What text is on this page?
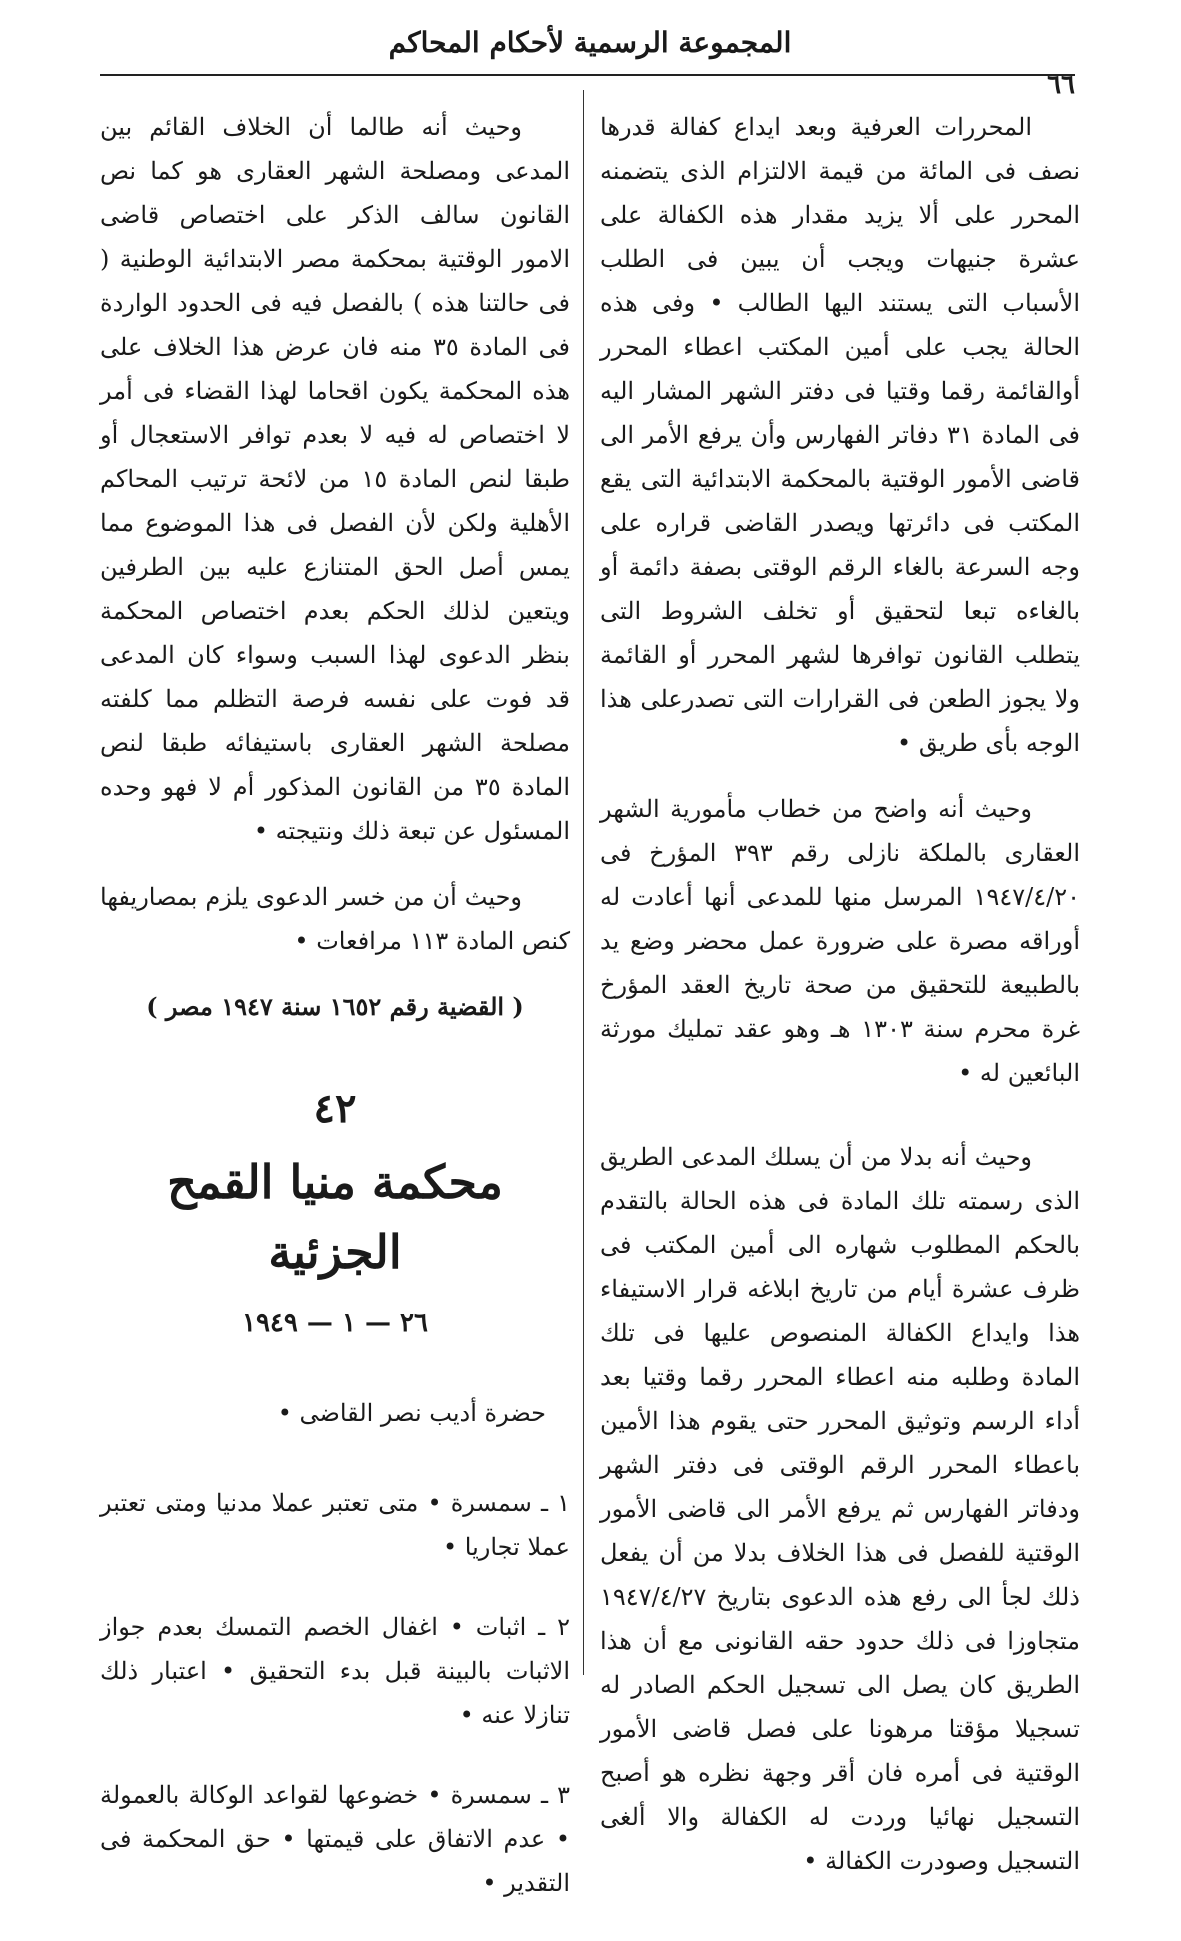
المجموعة الرسمية لأحكام المحاكم
٦٦

المحررات العرفية وبعد ايداع كفالة قدرها نصف فى المائة من قيمة الالتزام الذى يتضمنه المحرر على ألا يزيد مقدار هذه الكفالة على عشرة جنيهات ويجب أن يبين فى الطلب الأسباب التى يستند اليها الطالب • وفى هذه الحالة يجب على أمين المكتب اعطاء المحرر أوالقائمة رقما وقتيا فى دفتر الشهر المشار اليه فى المادة ٣١ دفاتر الفهارس وأن يرفع الأمر الى قاضى الأمور الوقتية بالمحكمة الابتدائية التى يقع المكتب فى دائرتها ويصدر القاضى قراره على وجه السرعة بالغاء الرقم الوقتى بصفة دائمة أو بالغاءه تبعا لتحقيق أو تخلف الشروط التى يتطلب القانون توافرها لشهر المحرر أو القائمة ولا يجوز الطعن فى القرارات التى تصدرعلى هذا الوجه بأى طريق •

وحيث أنه واضح من خطاب مأمورية الشهر العقارى بالملكة نازلى رقم ٣٩٣ المؤرخ فى ١٩٤٧/٤/٢٠ المرسل منها للمدعى أنها أعادت له أوراقه مصرة على ضرورة عمل محضر وضع يد بالطبيعة للتحقيق من صحة تاريخ العقد المؤرخ غرة محرم سنة ١٣٠٣ هـ وهو عقد تمليك مورثة البائعين له •

وحيث أنه بدلا من أن يسلك المدعى الطريق الذى رسمته تلك المادة فى هذه الحالة بالتقدم بالحكم المطلوب شهاره الى أمين المكتب فى ظرف عشرة أيام من تاريخ ابلاغه قرار الاستيفاء هذا وايداع الكفالة المنصوص عليها فى تلك المادة وطلبه منه اعطاء المحرر رقما وقتيا بعد أداء الرسم وتوثيق المحرر حتى يقوم هذا الأمين باعطاء المحرر الرقم الوقتى فى دفتر الشهر ودفاتر الفهارس ثم يرفع الأمر الى قاضى الأمور الوقتية للفصل فى هذا الخلاف بدلا من أن يفعل ذلك لجأ الى رفع هذه الدعوى بتاريخ ١٩٤٧/٤/٢٧ متجاوزا فى ذلك حدود حقه القانونى مع أن هذا الطريق كان يصل الى تسجيل الحكم الصادر له تسجيلا مؤقتا مرهونا على فصل قاضى الأمور الوقتية فى أمره فان أقر وجهة نظره هو أصبح التسجيل نهائيا وردت له الكفالة والا ألغى التسجيل وصودرت الكفالة •

وحيث أنه طالما أن الخلاف القائم بين المدعى ومصلحة الشهر العقارى هو كما نص القانون سالف الذكر على اختصاص قاضى الامور الوقتية بمحكمة مصر الابتدائية الوطنية ( فى حالتنا هذه ) بالفصل فيه فى الحدود الواردة فى المادة ٣٥ منه فان عرض هذا الخلاف على هذه المحكمة يكون اقحاما لهذا القضاء فى أمر لا اختصاص له فيه لا بعدم توافر الاستعجال أو طبقا لنص المادة ١٥ من لائحة ترتيب المحاكم الأهلية ولكن لأن الفصل فى هذا الموضوع مما يمس أصل الحق المتنازع عليه بين الطرفين ويتعين لذلك الحكم بعدم اختصاص المحكمة بنظر الدعوى لهذا السبب وسواء كان المدعى قد فوت على نفسه فرصة التظلم مما كلفته مصلحة الشهر العقارى باستيفائه طبقا لنص المادة ٣٥ من القانون المذكور أم لا فهو وحده المسئول عن تبعة ذلك ونتيجته •

وحيث أن من خسر الدعوى يلزم بمصاريفها كنص المادة ١١٣ مرافعات •

( القضية رقم ١٦٥٢ سنة ١٩٤٧ مصر )

٤٢
محكمة منيا القمح الجزئية
٢٦ — ١ — ١٩٤٩
حضرة أديب نصر القاضى •

١ ـ سمسرة • متى تعتبر عملا مدنيا ومتى تعتبر عملا تجاريا •

٢ ـ اثبات • اغفال الخصم التمسك بعدم جواز الاثبات بالبينة قبل بدء التحقيق • اعتبار ذلك تنازلا عنه •

٣ ـ سمسرة • خضوعها لقواعد الوكالة بالعمولة • عدم الاتفاق على قيمتها • حق المحكمة فى التقدير •
